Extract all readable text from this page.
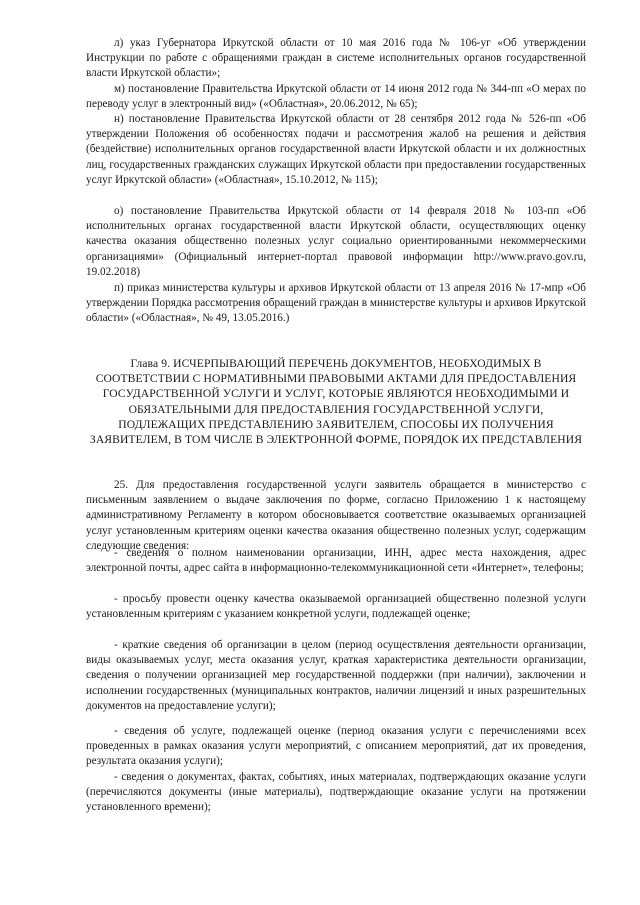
л) указ Губернатора Иркутской области от 10 мая 2016 года № 106-уг «Об утверждении Инструкции по работе с обращениями граждан в системе исполнительных органов государственной власти Иркутской области»;

м) постановление Правительства Иркутской области от 14 июня 2012 года № 344-пп «О мерах по переводу услуг в электронный вид» («Областная», 20.06.2012, № 65);

н) постановление Правительства Иркутской области от 28 сентября 2012 года № 526-пп «Об утверждении Положения об особенностях подачи и рассмотрения жалоб на решения и действия (бездействие) исполнительных органов государственной власти Иркутской области и их должностных лиц, государственных гражданских служащих Иркутской области при предоставлении государственных услуг Иркутской области» («Областная», 15.10.2012, № 115);

о) постановление Правительства Иркутской области от 14 февраля 2018 № 103-пп «Об исполнительных органах государственной власти Иркутской области, осуществляющих оценку качества оказания общественно полезных услуг социально ориентированными некоммерческими организациями» (Официальный интернет-портал правовой информации http://www.pravo.gov.ru, 19.02.2018)

п) приказ министерства культуры и архивов Иркутской области от 13 апреля 2016 № 17-мпр «Об утверждении Порядка рассмотрения обращений граждан в министерстве культуры и архивов Иркутской области» («Областная», № 49, 13.05.2016.)

Глава 9. ИСЧЕРПЫВАЮЩИЙ ПЕРЕЧЕНЬ ДОКУМЕНТОВ, НЕОБХОДИМЫХ В СООТВЕТСТВИИ С НОРМАТИВНЫМИ ПРАВОВЫМИ АКТАМИ ДЛЯ ПРЕДОСТАВЛЕНИЯ ГОСУДАРСТВЕННОЙ УСЛУГИ И УСЛУГ, КОТОРЫЕ ЯВЛЯЮТСЯ НЕОБХОДИМЫМИ И ОБЯЗАТЕЛЬНЫМИ ДЛЯ ПРЕДОСТАВЛЕНИЯ ГОСУДАРСТВЕННОЙ УСЛУГИ, ПОДЛЕЖАЩИХ ПРЕДСТАВЛЕНИЮ ЗАЯВИТЕЛЕМ, СПОСОБЫ ИХ ПОЛУЧЕНИЯ ЗАЯВИТЕЛЕМ, В ТОМ ЧИСЛЕ В ЭЛЕКТРОННОЙ ФОРМЕ, ПОРЯДОК ИХ ПРЕДСТАВЛЕНИЯ

25. Для предоставления государственной услуги заявитель обращается в министерство с письменным заявлением о выдаче заключения по форме, согласно Приложению 1 к настоящему административному Регламенту в котором обосновывается соответствие оказываемых организацией услуг установленным критериям оценки качества оказания общественно полезных услуг, содержащим следующие сведения:

- сведения о полном наименовании организации, ИНН, адрес места нахождения, адрес электронной почты, адрес сайта в информационно-телекоммуникационной сети «Интернет», телефоны;

- просьбу провести оценку качества оказываемой организацией общественно полезной услуги установленным критериям с указанием конкретной услуги, подлежащей оценке;

- краткие сведения об организации в целом (период осуществления деятельности организации, виды оказываемых услуг, места оказания услуг, краткая характеристика деятельности организации, сведения о получении организацией мер государственной поддержки (при наличии), заключении и исполнении государственных (муниципальных контрактов, наличии лицензий и иных разрешительных документов на предоставление услуги);

- сведения об услуге, подлежащей оценке (период оказания услуги с перечислениями всех проведенных в рамках оказания услуги мероприятий, с описанием мероприятий, дат их проведения, результата оказания услуги);

- сведения о документах, фактах, событиях, иных материалах, подтверждающих оказание услуги (перечисляются документы (иные материалы), подтверждающие оказание услуги на протяжении установленного времени);
